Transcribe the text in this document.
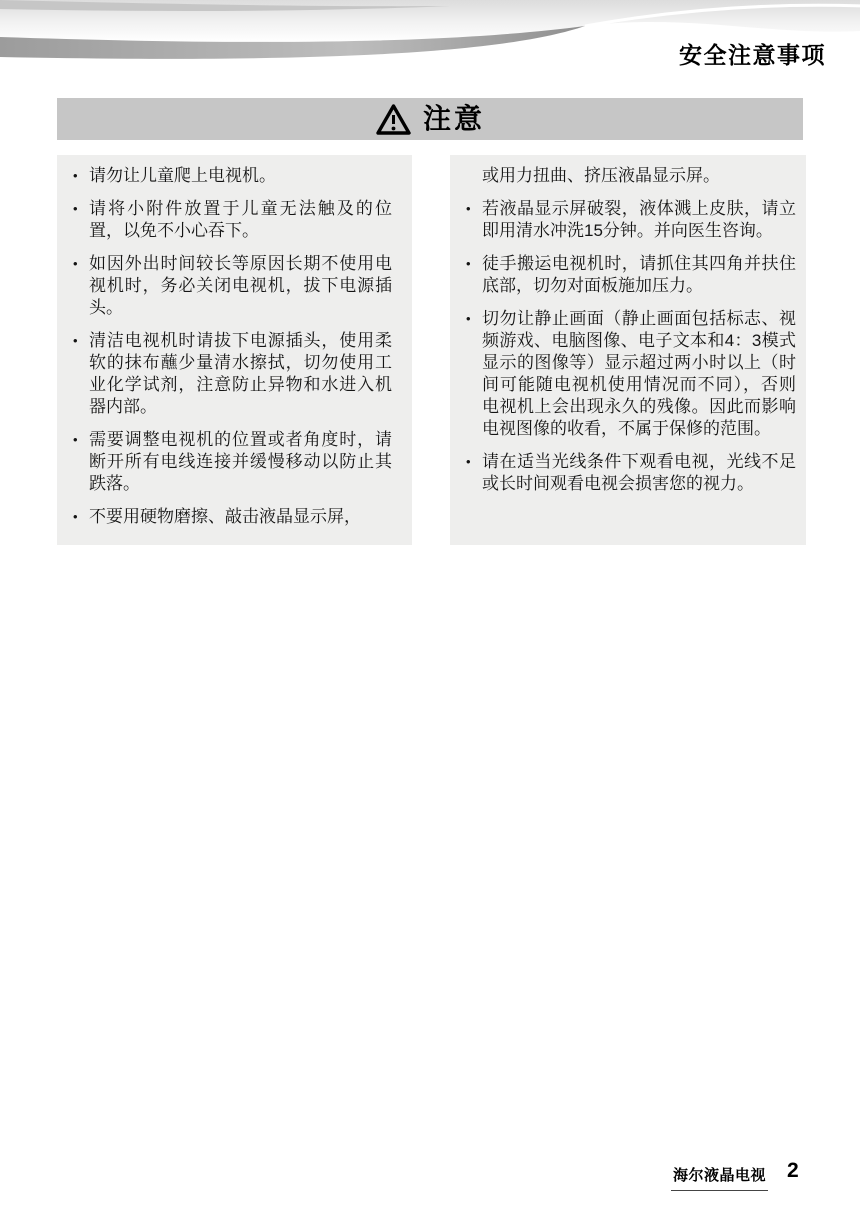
安全注意事项
注意
• 请勿让儿童爬上电视机。
• 请将小附件放置于儿童无法触及的位置，以免不小心吞下。
• 如因外出时间较长等原因长期不使用电视机时，务必关闭电视机，拔下电源插头。
• 清洁电视机时请拔下电源插头，使用柔软的抹布蘸少量清水擦拭，切勿使用工业化学试剂，注意防止异物和水进入机器内部。
• 需要调整电视机的位置或者角度时，请断开所有电线连接并缓慢移动以防止其跌落。
• 不要用硬物磨擦、敲击液晶显示屏，
或用力扭曲、挤压液晶显示屏。
• 若液晶显示屏破裂，液体溅上皮肤，请立即用清水冲洗15分钟。并向医生咨询。
• 徒手搬运电视机时，请抓住其四角并扶住底部，切勿对面板施加压力。
• 切勿让静止画面（静止画面包括标志、视频游戏、电脑图像、电子文本和4：3模式显示的图像等）显示超过两小时以上（时间可能随电视机使用情况而不同），否则电视机上会出现永久的残像。因此而影响电视图像的收看，不属于保修的范围。
• 请在适当光线条件下观看电视，光线不足或长时间观看电视会损害您的视力。
海尔液晶电视 2
